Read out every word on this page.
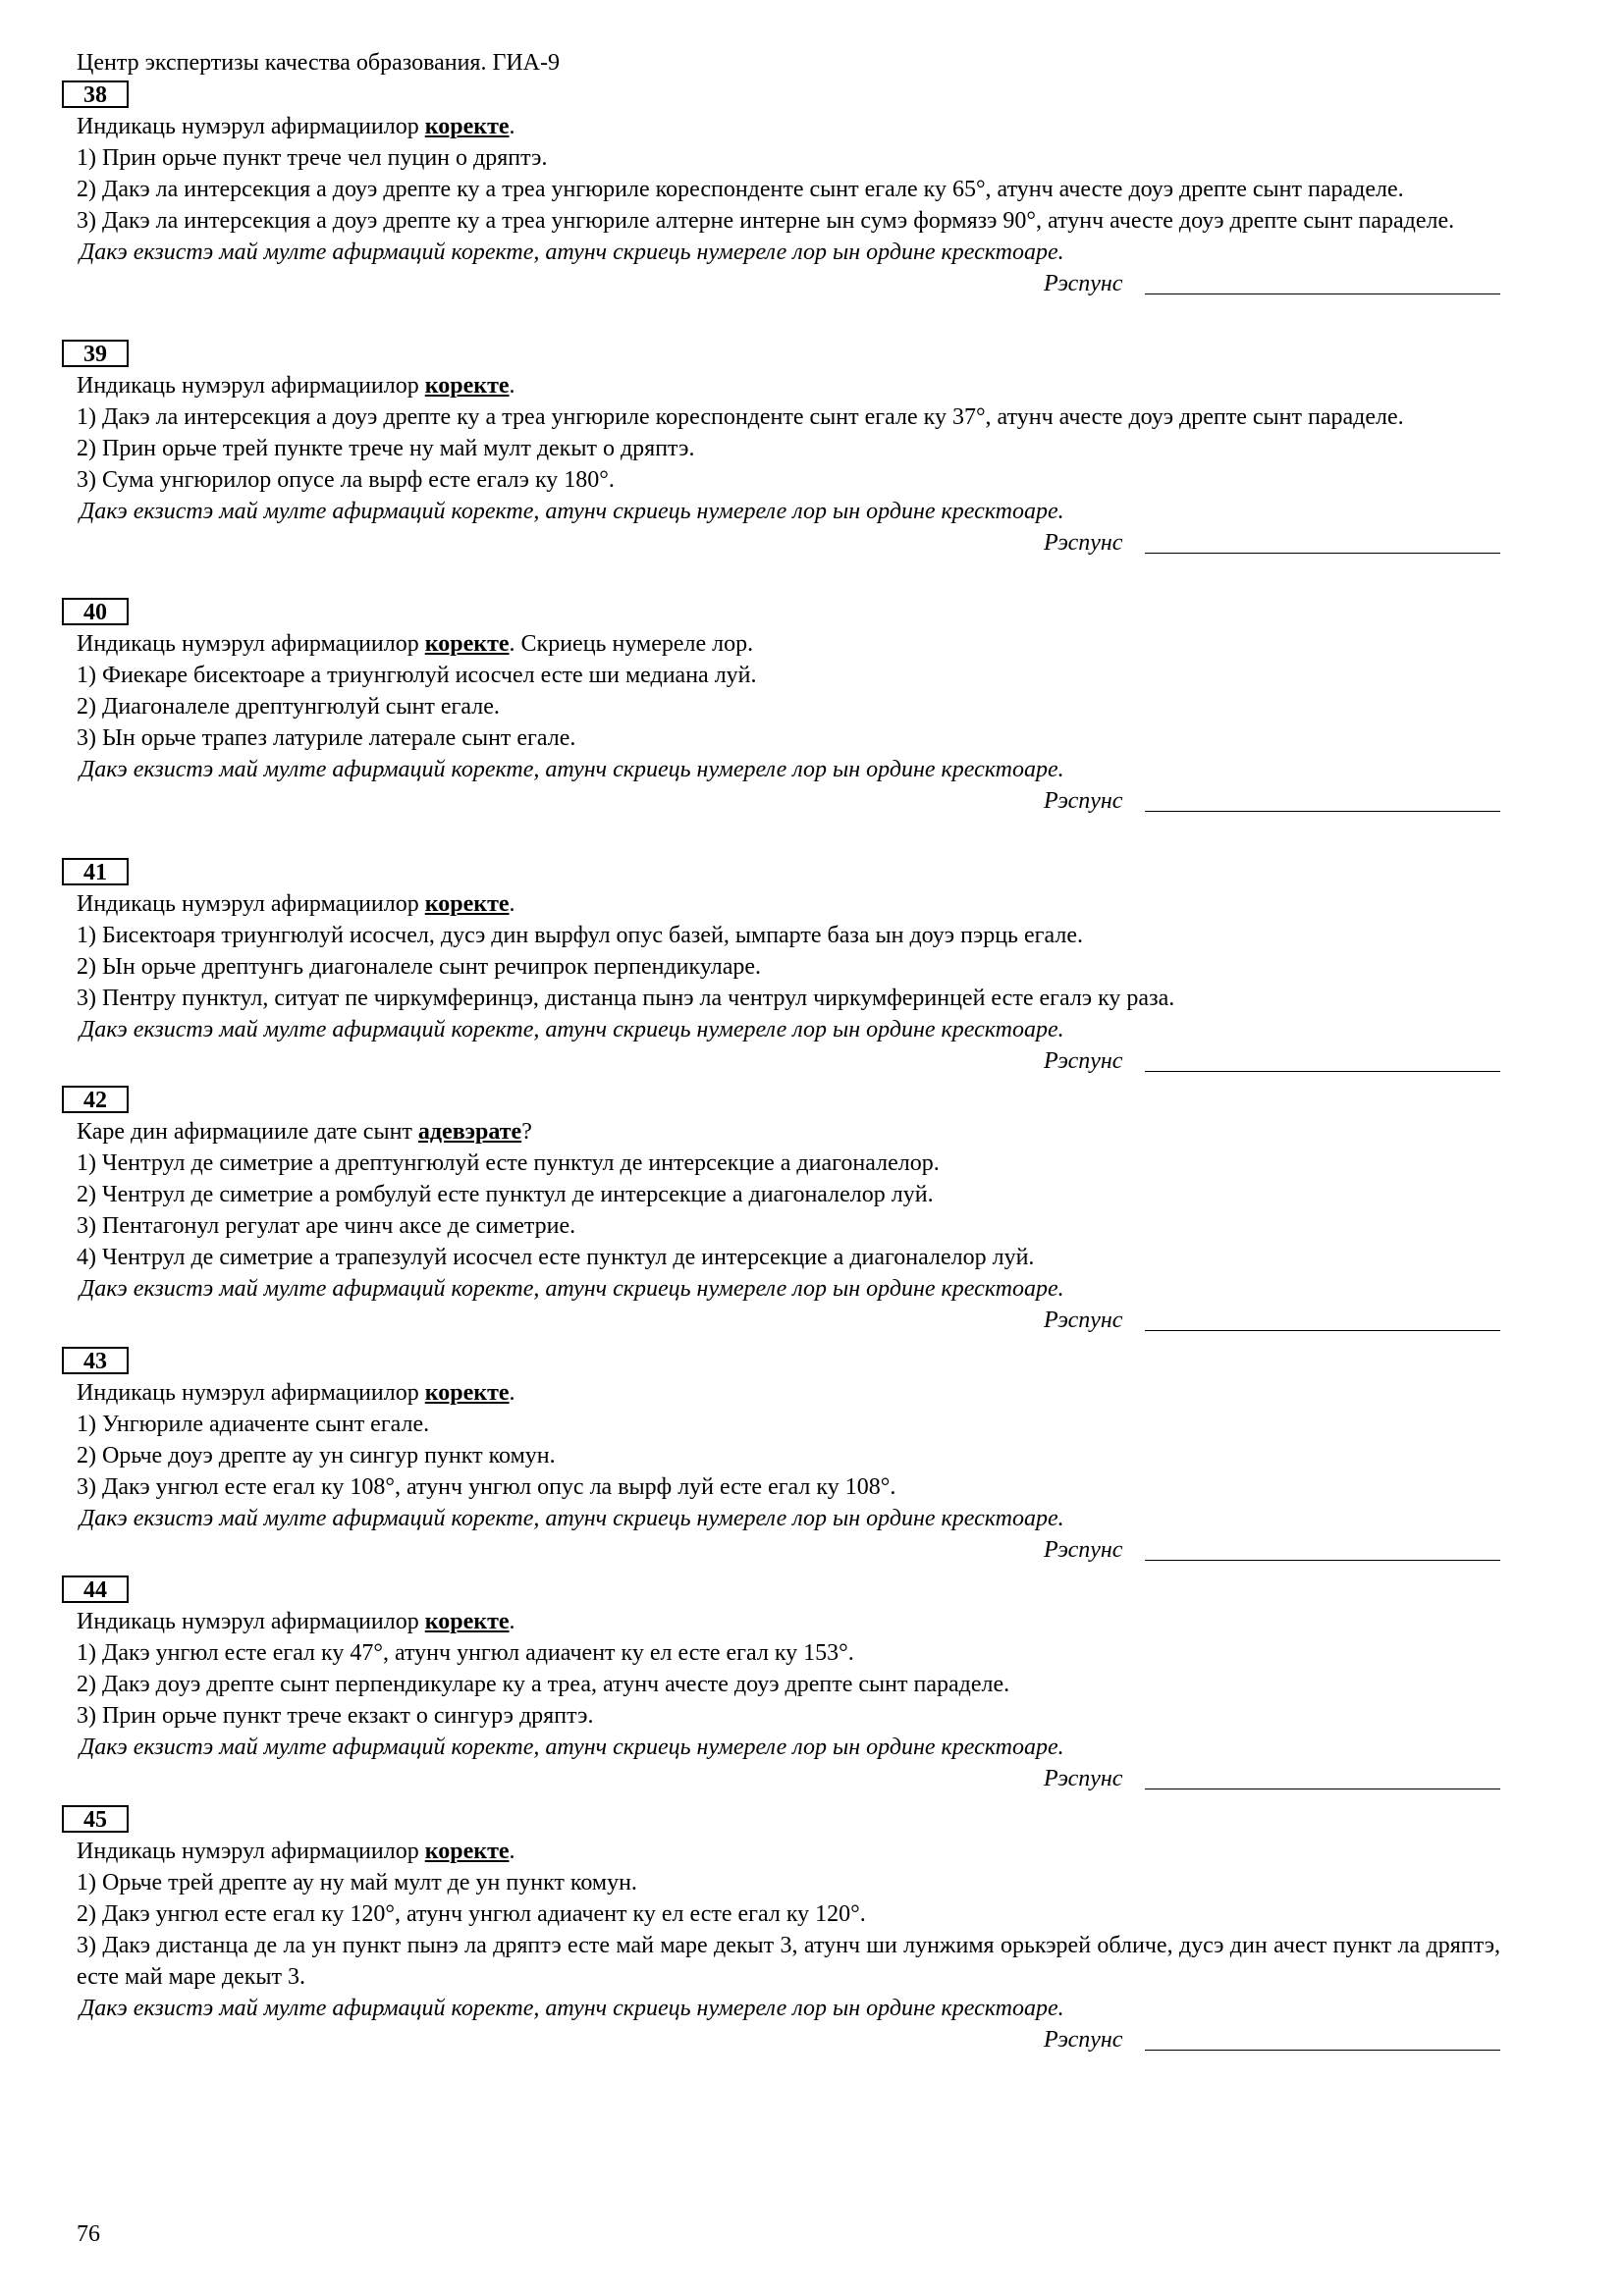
Центр экспертизы качества образования. ГИА-9
38
Индикаць нумэрул афирмациилор коректе.
1) Прин орьче пункт тречe чел пуцин о дряптэ.
2) Дакэ ла интерсекция а доуэ дрепте ку а треа унгюриле кореспонденте сынт егале ку 65°, атунч ачесте доуэ дрепте сынт параделе.
3) Дакэ ла интерсекция а доуэ дрепте ку а треа унгюриле алтерне интерне ын сумэ формязэ 90°, атунч ачесте доуэ дрепте сынт параделе.
Дакэ екзистэ май мулте афирмаций коректе, атунч скриець нумереле лор ын ордине кресктоаре.
Рэспунс
39
Индикаць нумэрул афирмациилор коректе.
1) Дакэ ла интерсекция а доуэ дрепте ку а треа унгюриле кореспонденте сынт егале ку 37°, атунч ачесте доуэ дрепте сынт параделе.
2) Прин орьче трей пункте тречe ну май мулт декыт о дряптэ.
3) Сума унгюрилор опусе ла вырф есте егалэ ку 180°.
Дакэ екзистэ май мулте афирмаций коректе, атунч скриець нумереле лор ын ордине кресктоаре.
Рэспунс
40
Индикаць нумэрул афирмациилор коректе. Скриець нумереле лор.
1) Фиекаре бисектоаре а триунгюлуй исосчел есте ши медиана луй.
2) Диагоналеле дрептунгюлуй сынт егале.
3) Ын орьче трапез латуриле латерале сынт егале.
Дакэ екзистэ май мулте афирмаций коректе, атунч скриець нумереле лор ын ордине кресктоаре.
Рэспунс
41
Индикаць нумэрул афирмациилор коректе.
1) Бисектоаря триунгюлуй исосчел, дусэ дин вырфул опус базей, ымпарте база ын доуэ пэрць егале.
2) Ын орьче дрептунгь диагоналеле сынт речипрок перпендикуларе.
3) Пентру пунктул, ситуат пе чиркумферинцэ, дистанца пынэ ла чентрул чиркумферинцей есте егалэ ку раза.
Дакэ екзистэ май мулте афирмаций коректе, атунч скриець нумереле лор ын ордине кресктоаре.
Рэспунс
42
Каре дин афирмацииле дате сынт адевэрате?
1) Чентрул де симетрие а дрептунгюлуй есте пунктул де интерсекцие а диагоналелор.
2) Чентрул де симетрие а ромбулуй есте пунктул де интерсекцие а диагоналелор луй.
3) Пентагонул регулат аре чинч аксе де симетрие.
4) Чентрул де симетрие а трапезулуй исосчел есте пунктул де интерсекцие а диагоналелор луй.
Дакэ екзистэ май мулте афирмаций коректе, атунч скриець нумереле лор ын ордине кресктоаре.
Рэспунс
43
Индикаць нумэрул афирмациилор коректе.
1) Унгюриле адиаченте сынт егале.
2) Орьче доуэ дрепте ау ун сингур пункт комун.
3) Дакэ унгюл есте егал ку 108°, атунч унгюл опус ла вырф луй есте егал ку 108°.
Дакэ екзистэ май мулте афирмаций коректе, атунч скриець нумереле лор ын ордине кресктоаре.
Рэспунс
44
Индикаць нумэрул афирмациилор коректе.
1) Дакэ унгюл есте егал ку 47°, атунч унгюл адиачент ку ел есте егал ку 153°.
2) Дакэ доуэ дрепте сынт перпендикуларе ку а треа, атунч ачесте доуэ дрепте сынт параделе.
3) Прин орьче пункт тречe екзакт о сингурэ дряптэ.
Дакэ екзистэ май мулте афирмаций коректе, атунч скриець нумереле лор ын ордине кресктоаре.
Рэспунс
45
Индикаць нумэрул афирмациилор коректе.
1) Орьче трей дрепте ау ну май мулт де ун пункт комун.
2) Дакэ унгюл есте егал ку 120°, атунч унгюл адиачент ку ел есте егал ку 120°.
3) Дакэ дистанца де ла ун пункт пынэ ла дряптэ есте май маре декыт 3, атунч ши лунжимя орькэрей обличе, дусэ дин ачест пункт ла дряптэ, есте май маре декыт 3.
Дакэ екзистэ май мулте афирмаций коректе, атунч скриець нумереле лор ын ордине кресктоаре.
Рэспунс
76
